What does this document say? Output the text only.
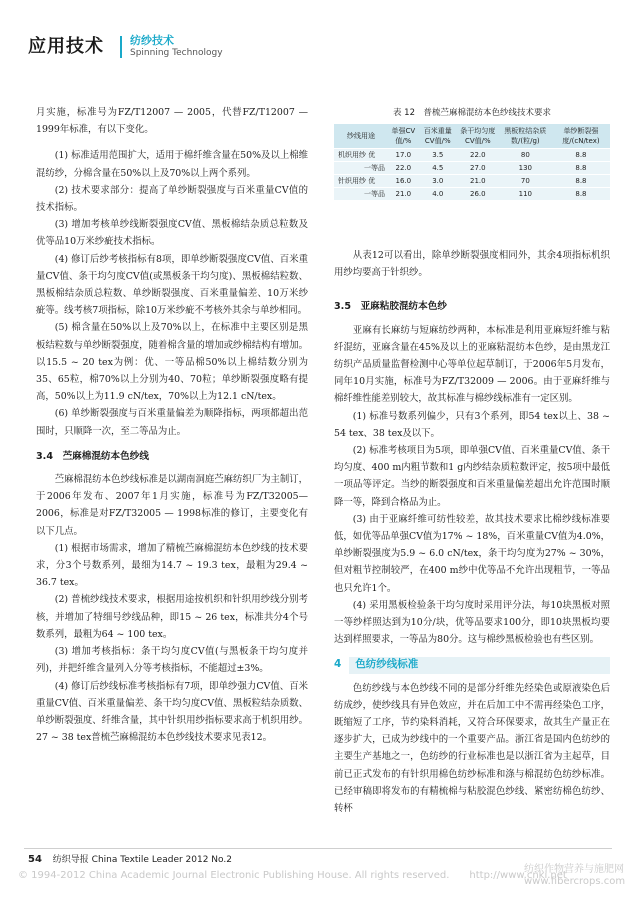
应用技术 纺纱技术
Spinning Technology

月实施，标准号为FZ/T12007 — 2005，代替FZ/T12007 — 1999年标准，有以下变化。

(1) 标准适用范围扩大，适用于棉纤维含量在50%及以上棉维混纺纱，分棉含量在50%以上及70%以上两个系列。

(2) 技术要求部分：提高了单纱断裂强度与百米重量CV值的技术指标。

(3) 增加考核单纱线断裂强度CV值、黑板棉结杂质总粒数及优等品10万米纱疵技术指标。

(4) 修订后纱考核指标有8项，即单纱断裂强度CV值、百米重量CV值、条干均匀度CV值(或黑板条干均匀度)、黑板棉结粒数、黑板棉结杂质总粒数、单纱断裂强度、百米重量偏差、10万米纱疵等。线考核7项指标，除10万米纱疵不考核外其余与单纱相同。

(5) 棉含量在50%以上及70%以上，在标准中主要区别是黑板结粒数与单纱断裂强度，随着棉含量的增加或纱棉结构有增加。以15.5 ~ 20 tex为例：优、一等品棉50%以上棉结数分别为35、65粒，棉70%以上分别为40、70粒；单纱断裂强度略有提高，50%以上为11.9 cN/tex，70%以上为12.1 cN/tex。

(6) 单纱断裂强度与百米重量偏差为顺降指标，两项都超出范围时，只顺降一次，至二等品为止。

3.4　苎麻棉混纺本色纱线

苎麻棉混纺本色纱线标准是以湖南洞庭苎麻纺织厂为主制订，于2006年发布、2007年1月实施，标准号为FZ/T32005— 2006，标准是对FZ/T32005 — 1998标准的修订，主要变化有以下几点。

(1) 根据市场需求，增加了精梳苎麻棉混纺本色纱线的技术要求，分3个号数系列，最细为14.7 ~ 19.3 tex，最粗为29.4 ~ 36.7 tex。

(2) 普梳纱线技术要求，根据用途按机织和针织用纱线分别考核，并增加了特细号纱线品种，即15 ~ 26 tex，标准共分4个号数系列，最粗为64 ~ 100 tex。

(3) 增加考核指标：条干均匀度CV值(与黑板条干均匀度并列)，并把纤维含量列入分等考核指标，不能超过±3%。

(4) 修订后纱线标准考核指标有7项，即单纱强力CV值、百米重量CV值、百米重量偏差、条干均匀度CV值、黑板粒结杂质数、单纱断裂强度、纤维含量，其中针织用纱指标要求高于机织用纱。27 ~ 38 tex普梳苎麻棉混纺本色纱线技术要求见表12。

表 12　普梳苎麻棉混纺本色纱线技术要求
纱线用途	单强CV值/%	百米重量CV值/%	条干均匀度CV值/%	黑板粒结杂质数/(粒/g)	单纱断裂强度/(cN/tex)
机织用纱 优	17.0	3.5	22.0	80	8.8
一等品	22.0	4.5	27.0	130	8.8
针织用纱 优	16.0	3.0	21.0	70	8.8
一等品	21.0	4.0	26.0	110	8.8

从表12可以看出，除单纱断裂强度相同外，其余4项指标机织用纱均要高于针织纱。

3.5　亚麻粘胶混纺本色纱

亚麻有长麻纺与短麻纺纱两种，本标准是利用亚麻短纤维与粘纤混纺，亚麻含量在45%及以上的亚麻粘混纺本色纱，是由黑龙江纺织产品质量监督检测中心等单位起草制订，于2006年5月发布，同年10月实施，标准号为FZ/T32009 — 2006。由于亚麻纤维与棉纤维性能差别较大，故其标准与棉纱线标准有一定区别。

(1) 标准号数系列偏少，只有3个系列，即54 tex以上、38 ~ 54 tex、38 tex及以下。

(2) 标准考核项目为5项，即单强CV值、百米重量CV值、条干均匀度、400 m内粗节数和1 g内纱结杂质粒数评定，按5项中最低一项品等评定。当纱的断裂强度和百米重量偏差超出允许范围时顺降一等，降到合格品为止。

(3) 由于亚麻纤维可纺性较差，故其技术要求比棉纱线标准要低，如优等品单强CV值为17% ~ 18%，百米重量CV值为4.0%，单纱断裂强度为5.9 ~ 6.0 cN/tex，条干均匀度为27% ~ 30%，但对粗节控制较严，在400 m纱中优等品不允许出现粗节，一等品也只允许1个。

(4) 采用黑板检验条干均匀度时采用评分法，每10块黑板对照一等纱样照达到为10分/块，优等品要求100分，即10块黑板均要达到样照要求，一等品为80分。这与棉纱黑板检验也有些区别。

4 色纺纱线标准

色纺纱线与本色纱线不同的是部分纤维先经染色或原液染色后纺成纱，使纱线具有异色效应，并在后加工中不需再经染色工序，既缩短了工序，节约染料消耗，又符合环保要求，故其生产量正在逐步扩大，已成为纱线中的一个重要产品。浙江省是国内色纺纱的主要生产基地之一，色纺纱的行业标准也是以浙江省为主起草，目前已正式发布的有针织用棉色纺纱标准和涤与棉混纺色纺纱标准。已经审稿即将发布的有精梳棉与粘胶混色纱线、紧密纺棉色纺纱、转杯

54 纺织导报 China Textile Leader 2012 No.2
© 1994-2012 China Academic Journal Electronic Publishing House. All rights reserved.　　http://www.cnki.net
纺织作物营养与施肥网
www.fibercrops.com
